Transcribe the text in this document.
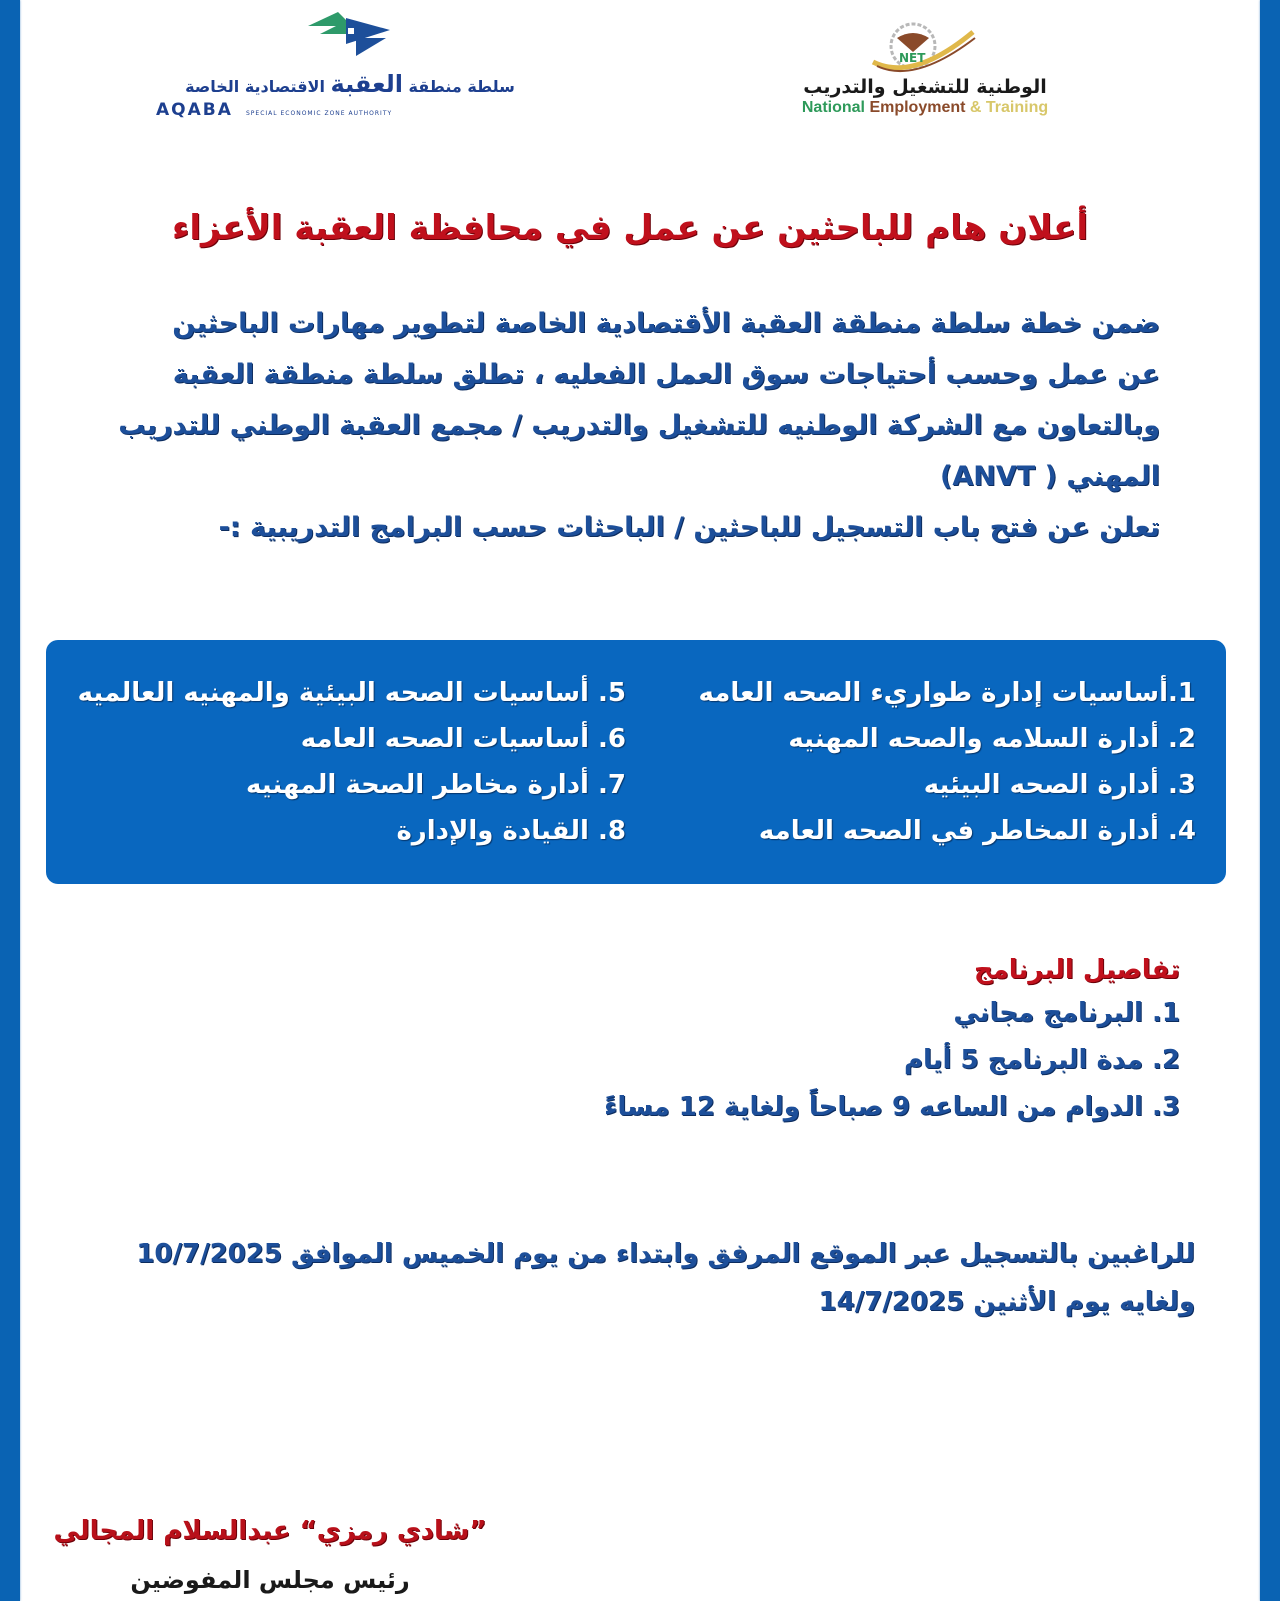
سلطة منطقة العقبة الاقتصادية الخاصة
AQABA SPECIAL ECONOMIC ZONE AUTHORITY
NET
الوطنية للتشغيل والتدريب
National Employment & Training
أعلان هام للباحثين عن عمل في محافظة العقبة الأعزاء

ضمن خطة سلطة منطقة العقبة الأقتصادية الخاصة لتطوير مهارات الباحثين

عن عمل وحسب أحتياجات سوق العمل الفعليه ، تطلق سلطة منطقة العقبة

وبالتعاون مع الشركة الوطنيه للتشغيل والتدريب / مجمع العقبة الوطني للتدريب

المهني ( ANVT)

تعلن عن فتح باب التسجيل للباحثين / الباحثات حسب البرامج التدريبية :-

1.أساسيات إدارة طواريء الصحه العامه
2. أدارة السلامه والصحه المهنيه
3. أدارة الصحه البيئيه
4. أدارة المخاطر في الصحه العامه
5. أساسيات الصحه البيئية والمهنيه العالميه
6. أساسيات الصحه العامه
7. أدارة مخاطر الصحة المهنيه
8. القيادة والإدارة
تفاصيل البرنامج
1. البرنامج مجاني
2. مدة البرنامج 5 أيام
3. الدوام من الساعه 9 صباحاً ولغاية 12 مساءً
للراغبين بالتسجيل عبر الموقع المرفق وابتداء من يوم الخميس الموافق 10/7/2025
ولغايه يوم الأثنين 14/7/2025
”شادي رمزي“ عبدالسلام المجالي
رئيس مجلس المفوضين
